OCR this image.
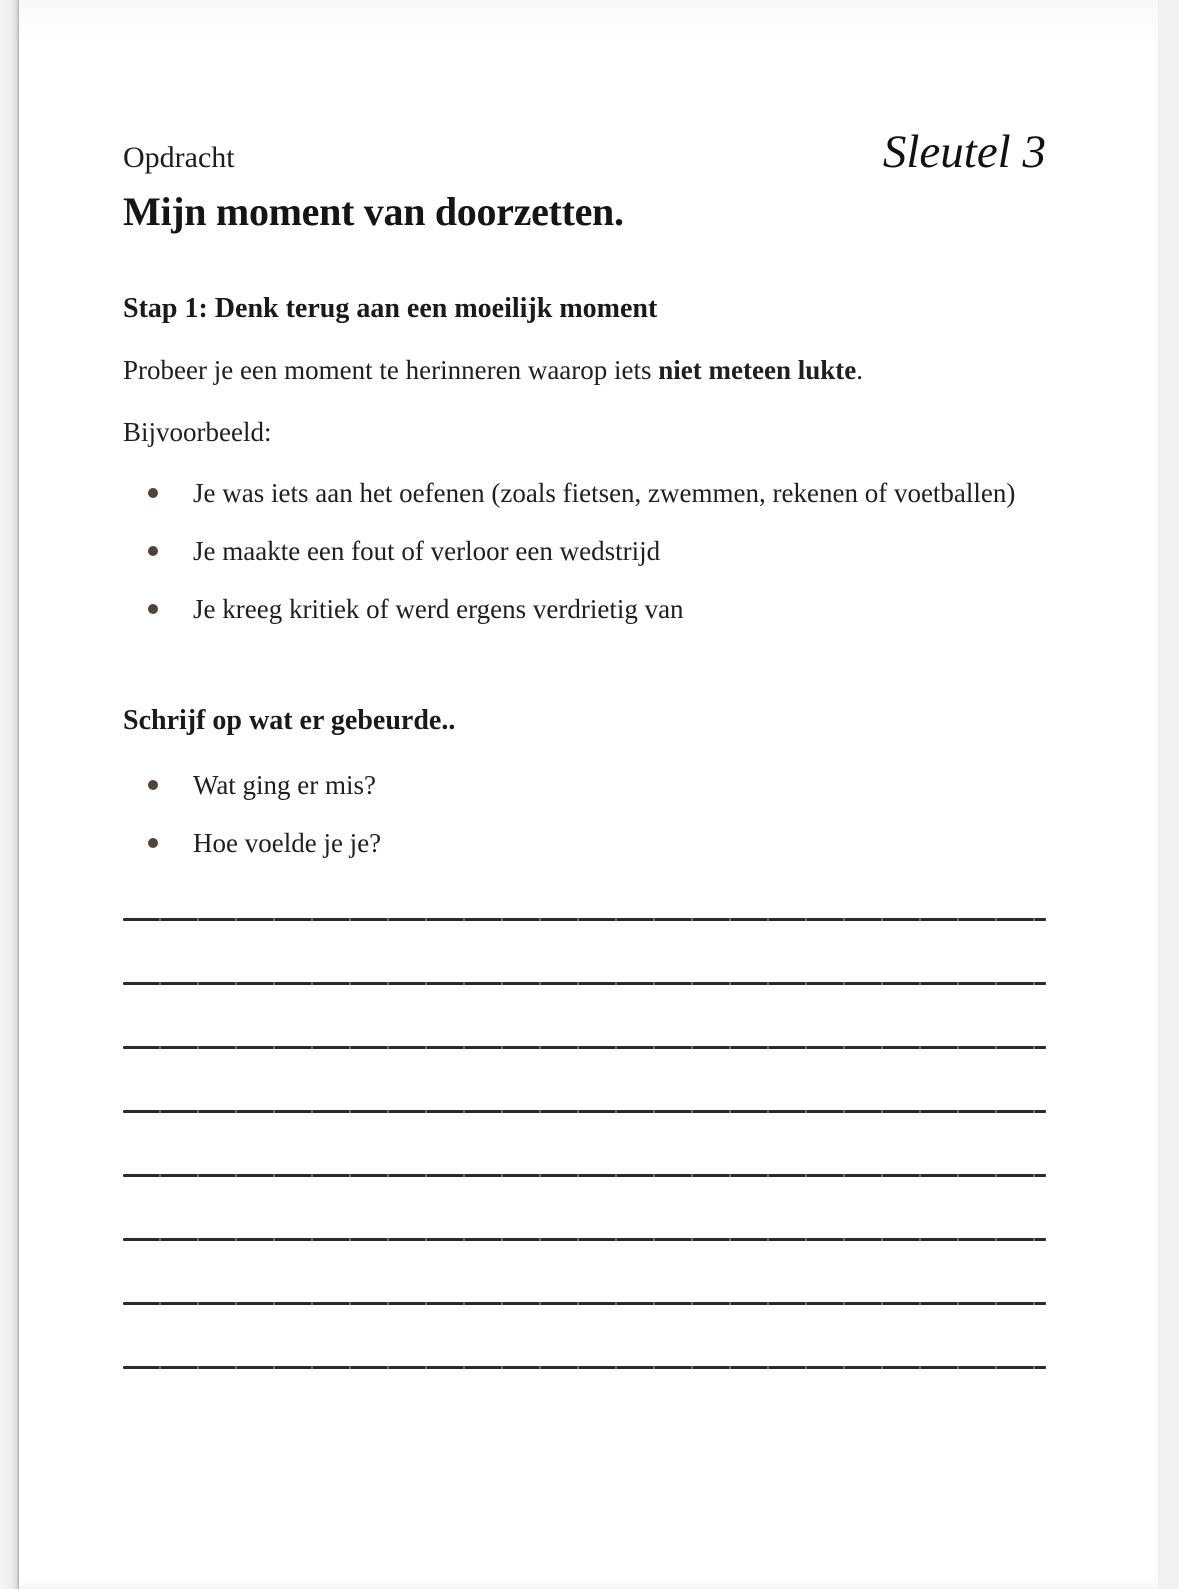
Opdracht	Sleutel 3
Mijn moment van doorzetten.
Stap 1: Denk terug aan een moeilijk moment

Probeer je een moment te herinneren waarop iets niet meteen lukte.

Bijvoorbeeld:

Je was iets aan het oefenen (zoals fietsen, zwemmen, rekenen of voetballen)
Je maakte een fout of verloor een wedstrijd
Je kreeg kritiek of werd ergens verdrietig van
Schrijf op wat er gebeurde..
Wat ging er mis?
Hoe voelde je je?
